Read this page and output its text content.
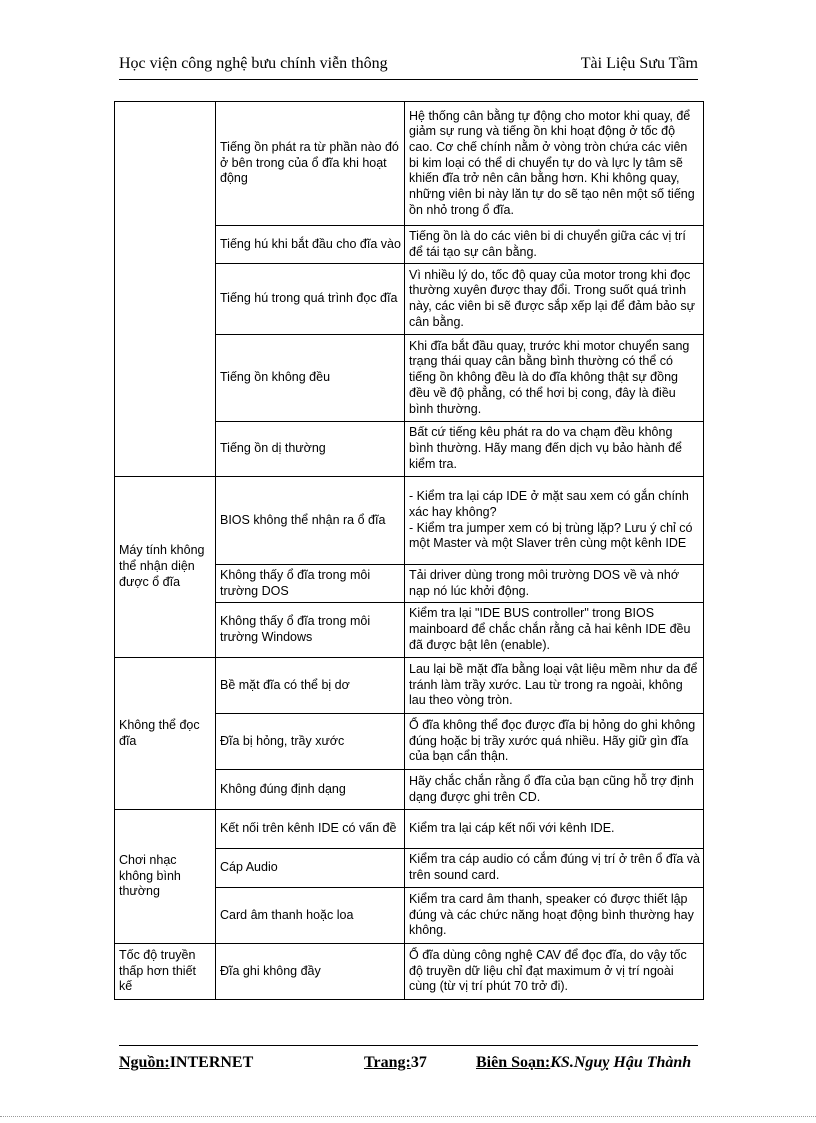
Học viện công nghệ bưu chính viễn thông	Tài Liệu Sưu Tầm
	Tiếng ồn phát ra từ phần nào đó ở bên trong của ổ đĩa khi hoạt động	Hệ thống cân bằng tự động cho motor khi quay, để giảm sự rung và tiếng ồn khi hoạt động ở tốc độ cao. Cơ chế chính nằm ở vòng tròn chứa các viên bi kim loại có thể di chuyển tự do và lực ly tâm sẽ khiến đĩa trở nên cân bằng hơn. Khi không quay, những viên bi này lăn tự do sẽ tạo nên một số tiếng ồn nhỏ trong ổ đĩa.
	Tiếng hú khi bắt đầu cho đĩa vào	Tiếng ồn là do các viên bi di chuyển giữa các vị trí để tái tạo sự cân bằng.
	Tiếng hú trong quá trình đọc đĩa	Vì nhiều lý do, tốc độ quay của motor trong khi đọc thường xuyên được thay đổi. Trong suốt quá trình này, các viên bi sẽ được sắp xếp lại để đảm bảo sự cân bằng.
	Tiếng ồn không đều	Khi đĩa bắt đầu quay, trước khi motor chuyển sang trạng thái quay cân bằng bình thường có thể có tiếng ồn không đều là do đĩa không thật sự đồng đều về độ phẳng, có thể hơi bị cong, đây là điều bình thường.
	Tiếng ồn dị thường	Bất cứ tiếng kêu phát ra do va chạm đều không bình thường. Hãy mang đến dịch vụ bảo hành để kiểm tra.
Máy tính không thể nhận diện được ổ đĩa	BIOS không thể nhận ra ổ đĩa	- Kiểm tra lại cáp IDE ở mặt sau xem có gắn chính xác hay không?
- Kiểm tra jumper xem có bị trùng lặp? Lưu ý chỉ có một Master và một Slaver trên cùng một kênh IDE
	Không thấy ổ đĩa trong môi trường DOS	Tải driver dùng trong môi trường DOS về và nhớ nạp nó lúc khởi động.
	Không thấy ổ đĩa trong môi trường Windows	Kiểm tra lại "IDE BUS controller" trong BIOS mainboard để chắc chắn rằng cả hai kênh IDE đều đã được bật lên (enable).
Không thể đọc đĩa	Bề mặt đĩa có thể bị dơ	Lau lại bề mặt đĩa bằng loại vật liệu mềm như da để tránh làm trầy xước. Lau từ trong ra ngoài, không lau theo vòng tròn.
	Đĩa bị hỏng, trầy xước	Ổ đĩa không thể đọc được đĩa bị hỏng do ghi không đúng hoặc bị trầy xước quá nhiều. Hãy giữ gìn đĩa của bạn cẩn thận.
	Không đúng định dạng	Hãy chắc chắn rằng ổ đĩa của bạn cũng hỗ trợ định dạng được ghi trên CD.
Chơi nhạc không bình thường	Kết nối trên kênh IDE có vấn đề	Kiểm tra lại cáp kết nối với kênh IDE.
	Cáp Audio	Kiểm tra cáp audio có cắm đúng vị trí ở trên ổ đĩa và trên sound card.
	Card âm thanh hoặc loa	Kiểm tra card âm thanh, speaker có được thiết lập đúng và các chức năng hoạt động bình thường hay không.
Tốc độ truyền thấp hơn thiết kế	Đĩa ghi không đầy	Ổ đĩa dùng công nghệ CAV để đọc đĩa, do vậy tốc độ truyền dữ liệu chỉ đạt maximum ở vị trí ngoài cùng (từ vị trí phút 70 trở đi).
Nguồn:INTERNET	Trang:37	Biên Soạn:KS.Nguỵ Hậu Thành
